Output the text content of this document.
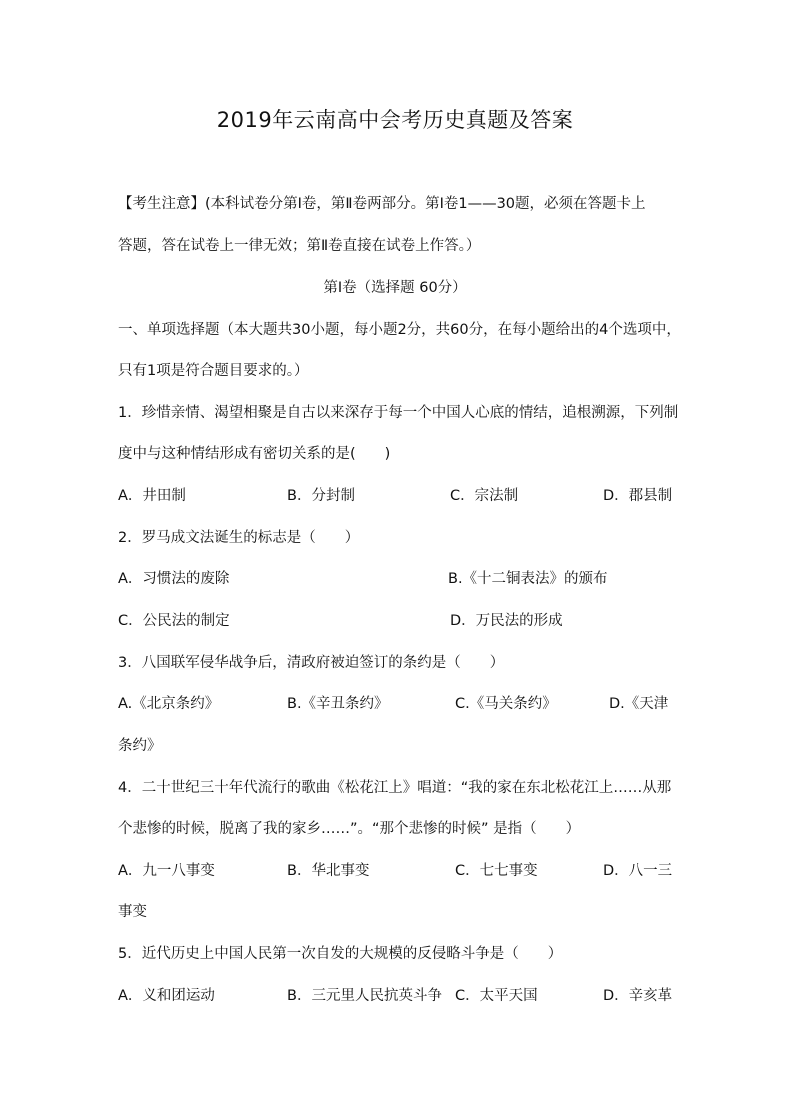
2019年云南高中会考历史真题及答案
【考生注意】(本科试卷分第Ⅰ卷，第Ⅱ卷两部分。第Ⅰ卷1——30题，必须在答题卡上
答题，答在试卷上一律无效；第Ⅱ卷直接在试卷上作答。）
第Ⅰ卷（选择题 60分）
一、单项选择题（本大题共30小题，每小题2分，共60分，在每小题给出的4个选项中，
只有1项是符合题目要求的。）
1．珍惜亲情、渴望相聚是自古以来深存于每一个中国人心底的情结，追根溯源，下列制
度中与这种情结形成有密切关系的是(　　)
A．井田制	B．分封制	C．宗法制	D．郡县制
2．罗马成文法诞生的标志是（　　）
A．习惯法的废除	B.《十二铜表法》的颁布
C．公民法的制定	D．万民法的形成
3．八国联军侵华战争后，清政府被迫签订的条约是（　　）
A.《北京条约》	B.《辛丑条约》	C.《马关条约》	D.《天津
条约》
4．二十世纪三十年代流行的歌曲《松花江上》唱道：“我的家在东北松花江上……从那
个悲惨的时候，脱离了我的家乡……”。“那个悲惨的时候” 是指（　　）
A．九一八事变	B．华北事变	C．七七事变	D．八一三
事变
5．近代历史上中国人民第一次自发的大规模的反侵略斗争是（　　）
A．义和团运动	B．三元里人民抗英斗争 C．太平天国	D．辛亥革
